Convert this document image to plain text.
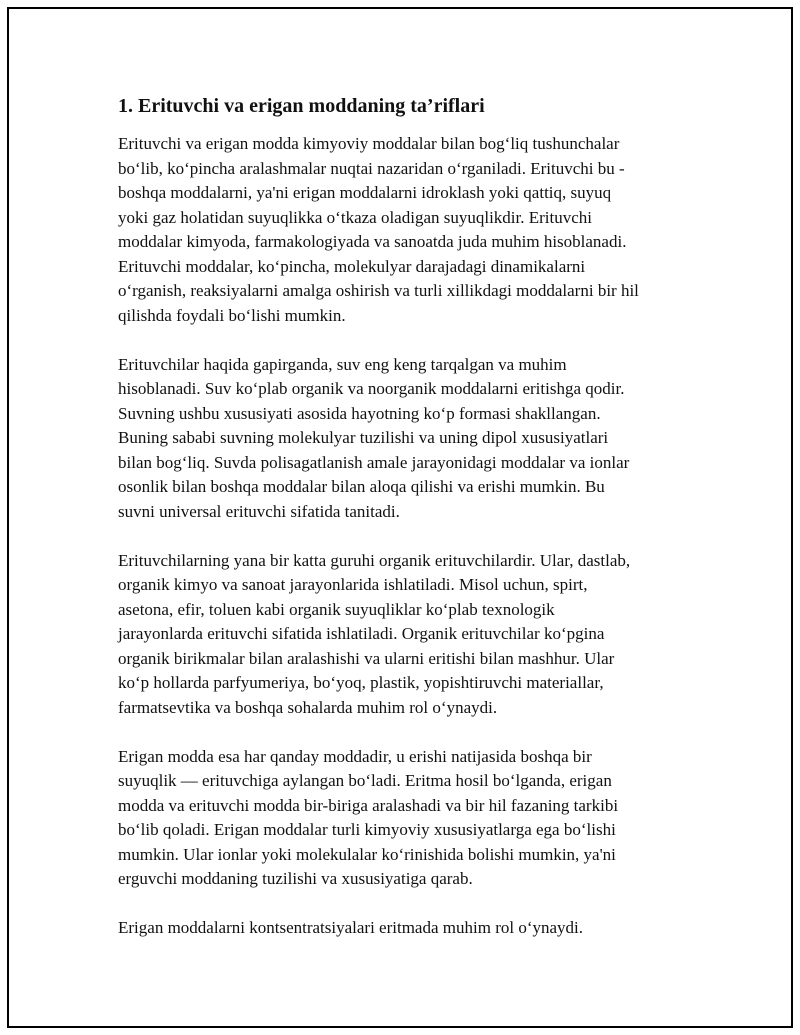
1. Erituvchi va erigan moddaning ta’riflari

Erituvchi va erigan modda kimyoviy moddalar bilan bog‘liq tushunchalar
bo‘lib, ko‘pincha aralashmalar nuqtai nazaridan o‘rganiladi. Erituvchi bu -
boshqa moddalarni, ya'ni erigan moddalarni idroklash yoki qattiq, suyuq
yoki gaz holatidan suyuqlikka o‘tkaza oladigan suyuqlikdir. Erituvchi
moddalar kimyoda, farmakologiyada va sanoatda juda muhim hisoblanadi.
Erituvchi moddalar, ko‘pincha, molekulyar darajadagi dinamikalarni
o‘rganish, reaksiyalarni amalga oshirish va turli xillikdagi moddalarni bir hil
qilishda foydali bo‘lishi mumkin.

Erituvchilar haqida gapirganda, suv eng keng tarqalgan va muhim
hisoblanadi. Suv ko‘plab organik va noorganik moddalarni eritishga qodir.
Suvning ushbu xususiyati asosida hayotning ko‘p formasi shakllangan.
Buning sababi suvning molekulyar tuzilishi va uning dipol xususiyatlari
bilan bog‘liq. Suvda polisagatlanish amale jarayonidagi moddalar va ionlar
osonlik bilan boshqa moddalar bilan aloqa qilishi va erishi mumkin. Bu
suvni universal erituvchi sifatida tanitadi.

Erituvchilarning yana bir katta guruhi organik erituvchilardir. Ular, dastlab,
organik kimyo va sanoat jarayonlarida ishlatiladi. Misol uchun, spirt,
asetona, efir, toluen kabi organik suyuqliklar ko‘plab texnologik
jarayonlarda erituvchi sifatida ishlatiladi. Organik erituvchilar ko‘pgina
organik birikmalar bilan aralashishi va ularni eritishi bilan mashhur. Ular
ko‘p hollarda parfyumeriya, bo‘yoq, plastik, yopishtiruvchi materiallar,
farmatsevtika va boshqa sohalarda muhim rol o‘ynaydi.

Erigan modda esa har qanday moddadir, u erishi natijasida boshqa bir
suyuqlik — erituvchiga aylangan bo‘ladi. Eritma hosil bo‘lganda, erigan
modda va erituvchi modda bir-biriga aralashadi va bir hil fazaning tarkibi
bo‘lib qoladi. Erigan moddalar turli kimyoviy xususiyatlarga ega bo‘lishi
mumkin. Ular ionlar yoki molekulalar ko‘rinishida bolishi mumkin, ya'ni
erguvchi moddaning tuzilishi va xususiyatiga qarab.

Erigan moddalarni kontsentratsiyalari eritmada muhim rol o‘ynaydi.
